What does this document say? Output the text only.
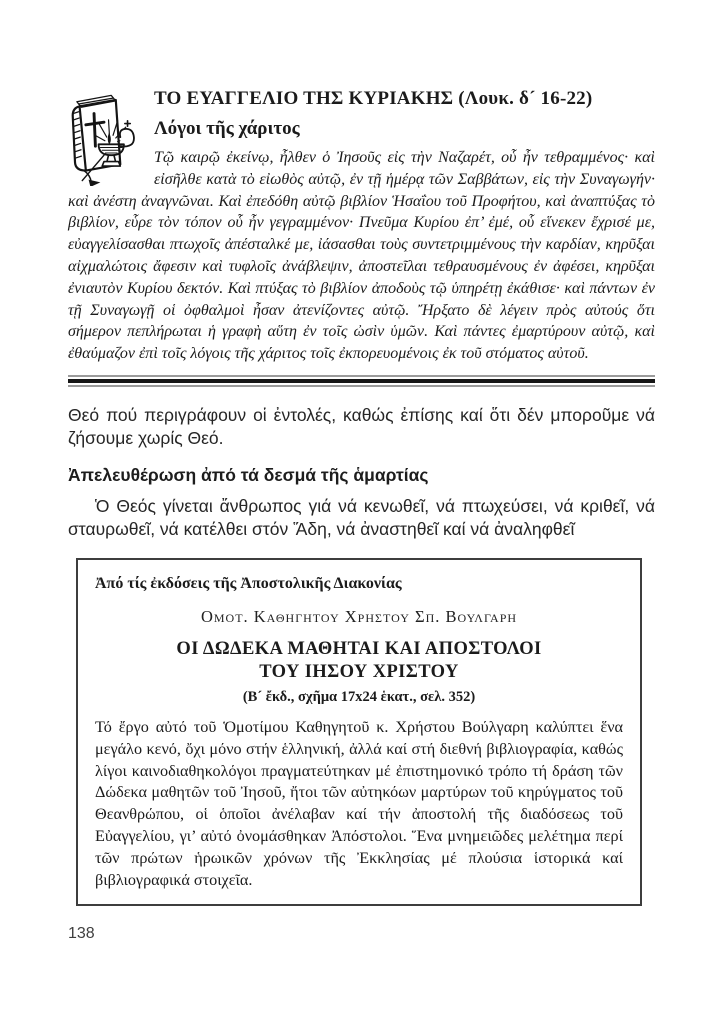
ΤΟ ΕΥΑΓΓΕΛΙΟ ΤΗΣ ΚΥΡΙΑΚΗΣ (Λουκ. δ´ 16-22)
Λόγοι τῆς χάριτος

Τῷ καιρῷ ἐκείνῳ, ἦλθεν ὁ Ἰησοῦς εἰς τὴν Ναζαρέτ, οὗ ἦν τεθραμμένος· καὶ εἰσῆλθε κατὰ τὸ εἰωθὸς αὐτῷ, ἐν τῇ ἡμέρᾳ τῶν Σαββάτων, εἰς τὴν Συναγωγήν· καὶ ἀνέστη ἀναγνῶναι. Καὶ ἐπεδόθη αὐτῷ βιβλίον Ἡσαΐου τοῦ Προφήτου, καὶ ἀναπτύξας τὸ βιβλίον, εὗρε τὸν τόπον οὗ ἦν γεγραμμένον· Πνεῦμα Κυρίου ἐπ’ ἐμέ, οὗ εἵνεκεν ἔχρισέ με, εὐαγγελίσασθαι πτωχοῖς ἀπέσταλκέ με, ἰάσασθαι τοὺς συντετριμμένους τὴν καρδίαν, κηρῦξαι αἰχμαλώτοις ἄφεσιν καὶ τυφλοῖς ἀνάβλεψιν, ἀποστεῖλαι τεθραυσμένους ἐν ἀφέσει, κηρῦξαι ἐνιαυτὸν Κυρίου δεκτόν. Καὶ πτύξας τὸ βιβλίον ἀποδοὺς τῷ ὑπηρέτῃ ἐκάθισε· καὶ πάντων ἐν τῇ Συναγωγῇ οἱ ὀφθαλμοὶ ἦσαν ἀτενίζοντες αὐτῷ. Ἤρξατο δὲ λέγειν πρὸς αὐτούς ὅτι σήμερον πεπλήρωται ἡ γραφὴ αὕτη ἐν τοῖς ὠσὶν ὑμῶν. Καὶ πάντες ἐμαρτύρουν αὐτῷ, καὶ ἐθαύμαζον ἐπὶ τοῖς λόγοις τῆς χάριτος τοῖς ἐκπορευομένοις ἐκ τοῦ στόματος αὐτοῦ.

Θεό πού περιγράφουν οἱ ἐντολές, καθώς ἐπίσης καί ὅτι δέν μποροῦμε νά ζήσουμε χωρίς Θεό.

Ἀπελευθέρωση ἀπό τά δεσμά τῆς ἁμαρτίας

Ὁ Θεός γίνεται ἄνθρωπος γιά νά κενωθεῖ, νά πτωχεύσει, νά κριθεῖ, νά σταυρωθεῖ, νά κατέλθει στόν Ἅδη, νά ἀναστηθεῖ καί νά ἀναληφθεῖ

Ἀπό τίς ἐκδόσεις τῆς Ἀποστολικῆς Διακονίας

Ομοτ. Καθηγητου Χρηστου Σπ. Βουλγαρη

ΟΙ ΔΩΔΕΚΑ ΜΑΘΗΤΑΙ ΚΑΙ ΑΠΟΣΤΟΛΟΙ
ΤΟΥ ΙΗΣΟΥ ΧΡΙΣΤΟΥ

(Β´ ἔκδ., σχῆμα 17x24 ἑκατ., σελ. 352)

Τό ἔργο αὐτό τοῦ Ὁμοτίμου Καθηγητοῦ κ. Χρήστου Βούλγαρη καλύπτει ἕνα μεγάλο κενό, ὄχι μόνο στήν ἑλληνική, ἀλλά καί στή διεθνή βιβλιογραφία, καθώς λίγοι καινοδιαθηκολόγοι πραγματεύτηκαν μέ ἐπιστημονικό τρόπο τή δράση τῶν Δώδεκα μαθητῶν τοῦ Ἰησοῦ, ἤτοι τῶν αὐτηκόων μαρτύρων τοῦ κηρύγματος τοῦ Θεανθρώπου, οἱ ὁποῖοι ἀνέλαβαν καί τήν ἀποστολή τῆς διαδόσεως τοῦ Εὐαγγελίου, γι’ αὐτό ὀνομάσθηκαν Ἀπόστολοι. Ἕνα μνημειῶδες μελέτημα περί τῶν πρώτων ἡρωικῶν χρόνων τῆς Ἐκκλησίας μέ πλούσια ἱστορικά καί βιβλιογραφικά στοιχεῖα.

138
